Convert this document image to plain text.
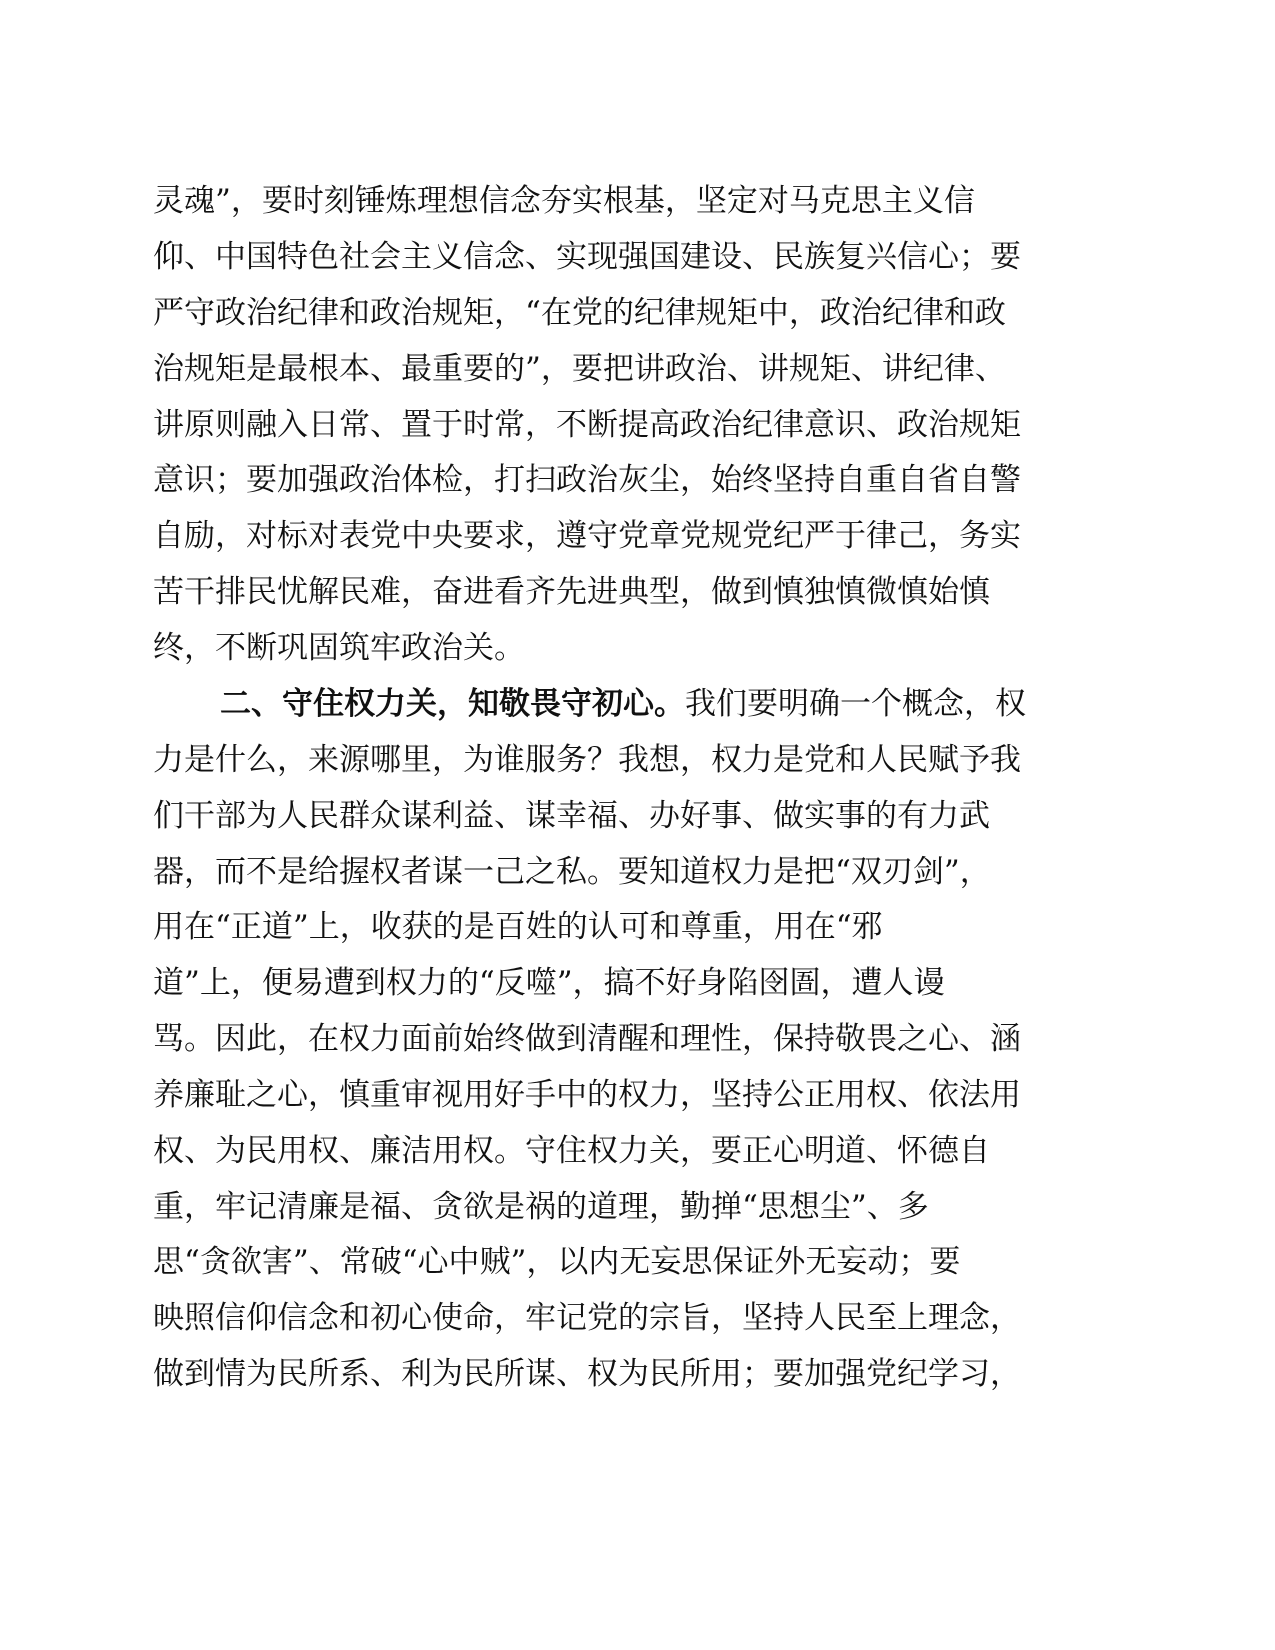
灵魂”，要时刻锤炼理想信念夯实根基，坚定对马克思主义信
仰、中国特色社会主义信念、实现强国建设、民族复兴信心；要
严守政治纪律和政治规矩，“在党的纪律规矩中，政治纪律和政
治规矩是最根本、最重要的”，要把讲政治、讲规矩、讲纪律、
讲原则融入日常、置于时常，不断提高政治纪律意识、政治规矩
意识；要加强政治体检，打扫政治灰尘，始终坚持自重自省自警
自励，对标对表党中央要求，遵守党章党规党纪严于律己，务实
苦干排民忧解民难，奋进看齐先进典型，做到慎独慎微慎始慎
终，不断巩固筑牢政治关。
二、守住权力关，知敬畏守初心。我们要明确一个概念，权
力是什么，来源哪里，为谁服务？我想，权力是党和人民赋予我
们干部为人民群众谋利益、谋幸福、办好事、做实事的有力武
器，而不是给握权者谋一己之私。要知道权力是把“双刃剑”，
用在“正道”上，收获的是百姓的认可和尊重，用在“邪
道”上，便易遭到权力的“反噬”，搞不好身陷囹圄，遭人谩
骂。因此，在权力面前始终做到清醒和理性，保持敬畏之心、涵
养廉耻之心，慎重审视用好手中的权力，坚持公正用权、依法用
权、为民用权、廉洁用权。守住权力关，要正心明道、怀德自
重，牢记清廉是福、贪欲是祸的道理，勤掸“思想尘”、多
思“贪欲害”、常破“心中贼”，以内无妄思保证外无妄动；要
映照信仰信念和初心使命，牢记党的宗旨，坚持人民至上理念，
做到情为民所系、利为民所谋、权为民所用；要加强党纪学习，
